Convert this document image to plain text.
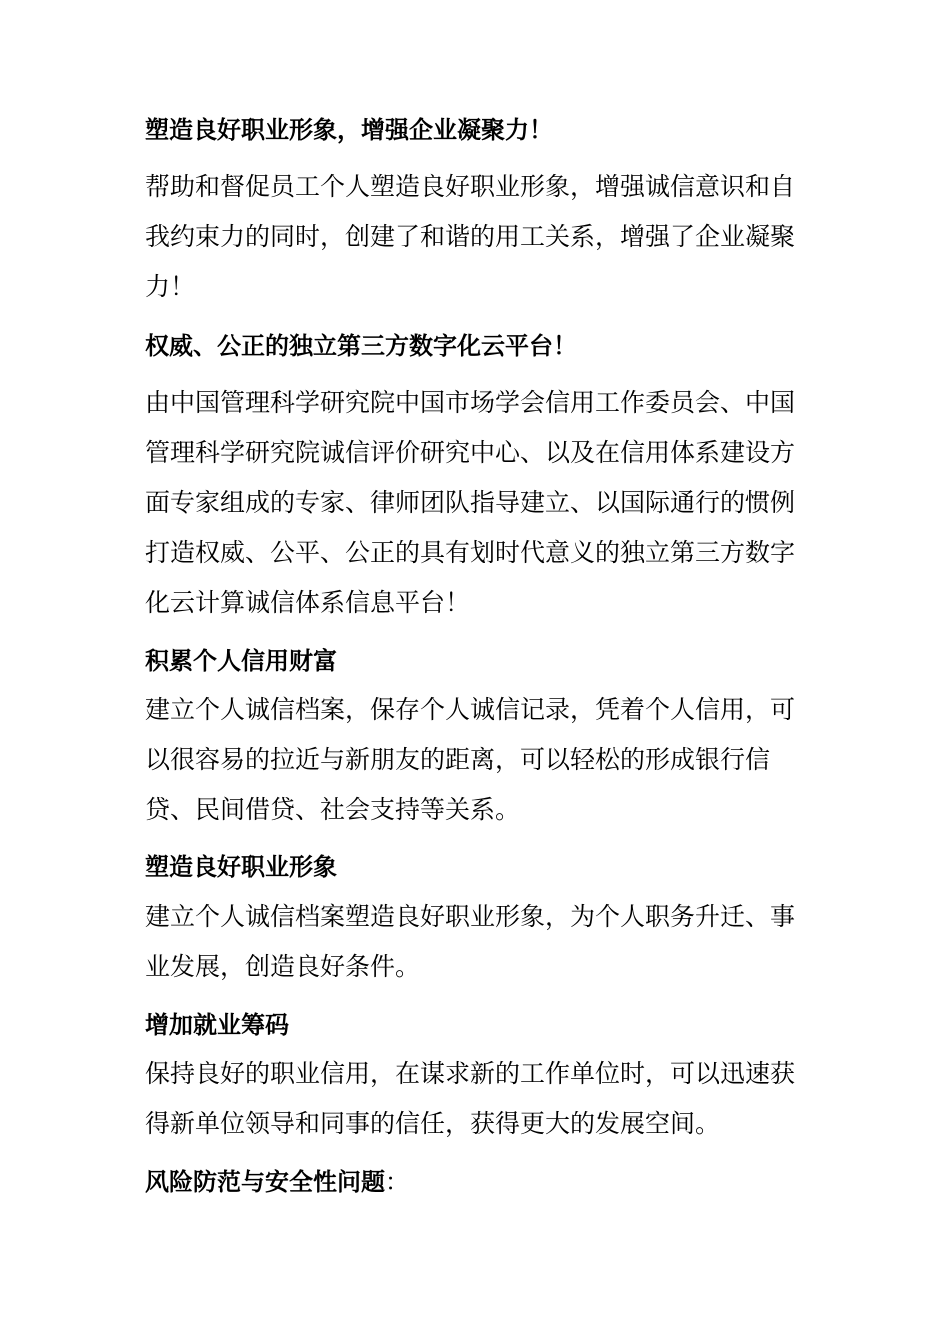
塑造良好职业形象，增强企业凝聚力！
帮助和督促员工个人塑造良好职业形象，增强诚信意识和自
我约束力的同时，创建了和谐的用工关系，增强了企业凝聚
力！
权威、公正的独立第三方数字化云平台！
由中国管理科学研究院中国市场学会信用工作委员会、中国
管理科学研究院诚信评价研究中心、以及在信用体系建设方
面专家组成的专家、律师团队指导建立、以国际通行的惯例
打造权威、公平、公正的具有划时代意义的独立第三方数字
化云计算诚信体系信息平台！
积累个人信用财富
建立个人诚信档案，保存个人诚信记录，凭着个人信用，可
以很容易的拉近与新朋友的距离，可以轻松的形成银行信
贷、民间借贷、社会支持等关系。
塑造良好职业形象
建立个人诚信档案塑造良好职业形象，为个人职务升迁、事
业发展，创造良好条件。
增加就业筹码
保持良好的职业信用，在谋求新的工作单位时，可以迅速获
得新单位领导和同事的信任，获得更大的发展空间。
风险防范与安全性问题：
